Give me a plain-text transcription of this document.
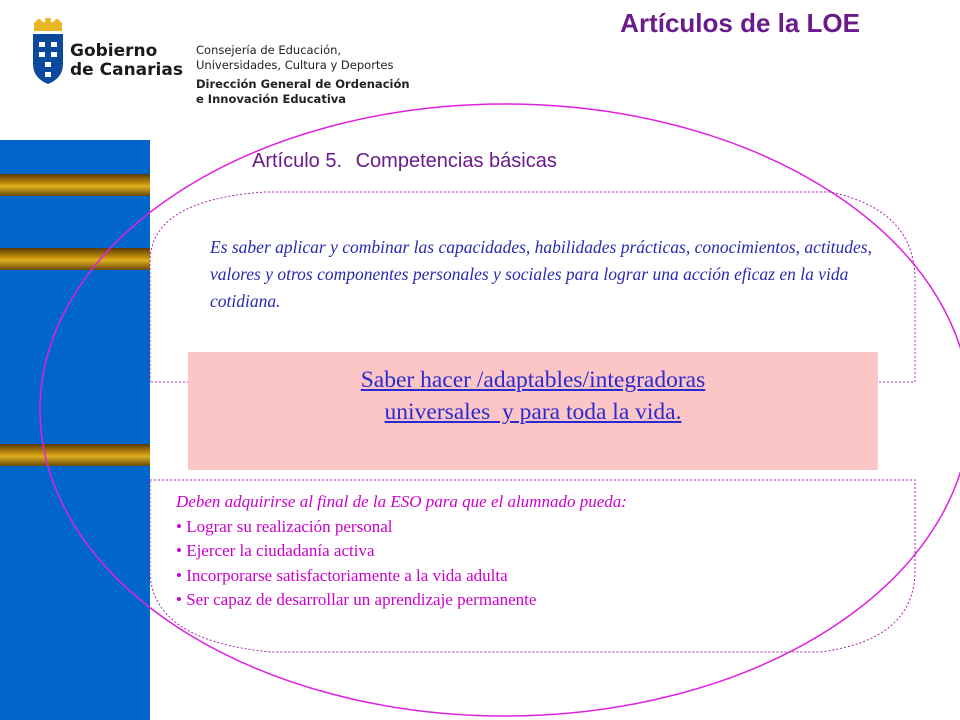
Gobierno
de Canarias
Consejería de Educación,
Universidades, Cultura y Deportes
Dirección General de Ordenación
e Innovación Educativa
Artículos de la LOE
Artículo 5. Competencias básicas
Es saber aplicar y combinar las capacidades, habilidades prácticas, conocimientos, actitudes, valores y otros componentes personales y sociales para lograr una acción eficaz en la vida cotidiana.
Saber hacer /adaptables/integradoras
universales  y para toda la vida.
Deben adquirirse al final de la ESO para que el alumnado pueda:
• Lograr su realización personal
• Ejercer la ciudadanía activa
• Incorporarse satisfactoriamente a la vida adulta
• Ser capaz de desarrollar un aprendizaje permanente
